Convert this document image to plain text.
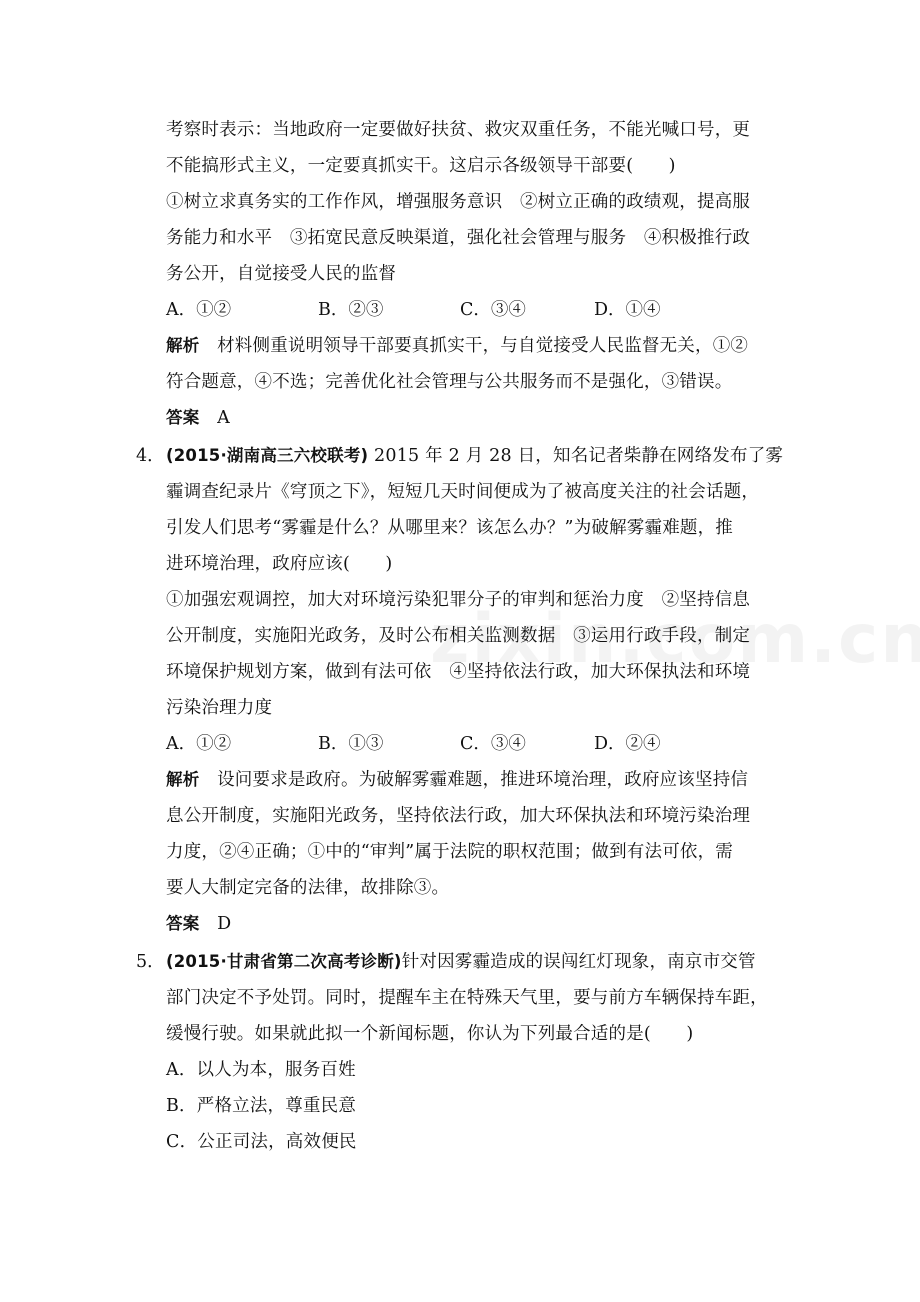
考察时表示：当地政府一定要做好扶贫、救灾双重任务，不能光喊口号，更
不能搞形式主义，一定要真抓实干。这启示各级领导干部要(　　)
①树立求真务实的工作作风，增强服务意识　②树立正确的政绩观，提高服
务能力和水平　③拓宽民意反映渠道，强化社会管理与服务　④积极推行政
务公开，自觉接受人民的监督
A．①②	B．②③	C．③④	D．①④
解析　 材料侧重说明领导干部要真抓实干，与自觉接受人民监督无关，①②
符合题意，④不选；完善优化社会管理与公共服务而不是强化，③错误。
答案　 A
4． (2015·湖南高三六校联考) 2015 年 2 月 28 日，知名记者柴静在网络发布了雾
霾调查纪录片《穹顶之下》，短短几天时间便成为了被高度关注的社会话题，
引发人们思考“雾霾是什么？从哪里来？该怎么办？”为破解雾霾难题，推
进环境治理，政府应该(　　)
①加强宏观调控，加大对环境污染犯罪分子的审判和惩治力度　②坚持信息
公开制度，实施阳光政务，及时公布相关监测数据　③运用行政手段，制定
环境保护规划方案，做到有法可依　④坚持依法行政，加大环保执法和环境
污染治理力度
A．①②	B．①③	C．③④	D．②④
解析　 设问要求是政府。为破解雾霾难题，推进环境治理，政府应该坚持信
息公开制度，实施阳光政务，坚持依法行政，加大环保执法和环境污染治理
力度，②④正确；①中的“审判”属于法院的职权范围；做到有法可依，需
要人大制定完备的法律，故排除③。
答案　 D
5． (2015·甘肃省第二次高考诊断)针对因雾霾造成的误闯红灯现象，南京市交管
部门决定不予处罚。同时，提醒车主在特殊天气里，要与前方车辆保持车距，
缓慢行驶。如果就此拟一个新闻标题，你认为下列最合适的是(　　)
A．以人为本，服务百姓
B．严格立法，尊重民意
C．公正司法，高效便民
